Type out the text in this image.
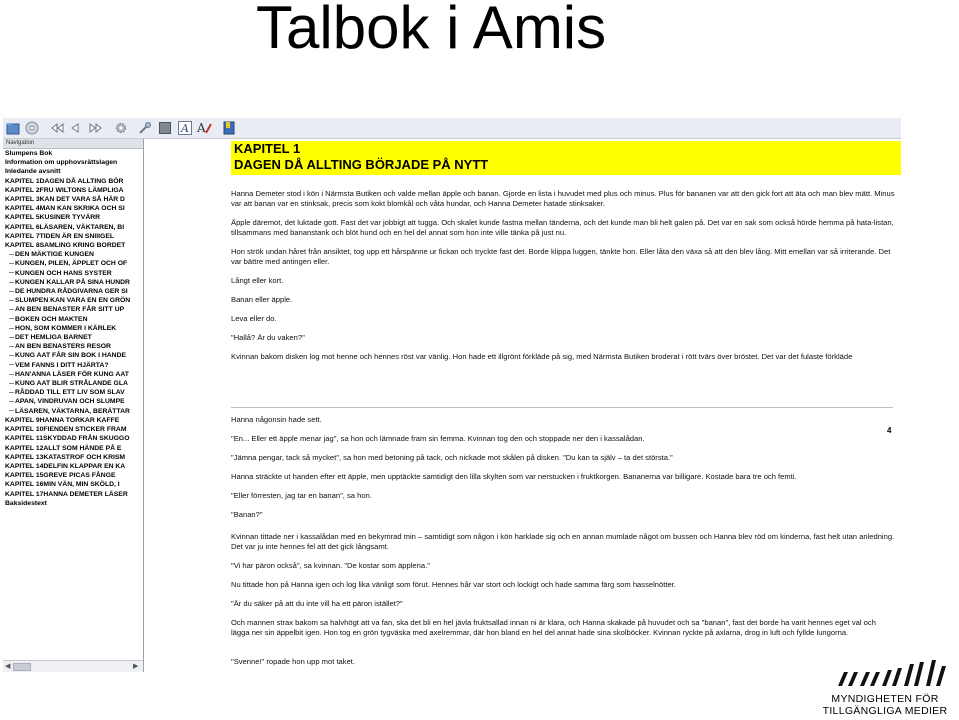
Talbok i Amis
A A
Navigation
Slumpens Bok
Information om upphovsrättslagen
Inledande avsnitt
KAPITEL 1DAGEN DÅ ALLTING BÖR
KAPITEL 2FRU WILTONS LÄMPLIGA
KAPITEL 3KAN DET VARA SÅ HÄR D
KAPITEL 4MAN KAN SKRIKA OCH SI
KAPITEL 5KUSINER TYVÄRR
KAPITEL 6LÄSAREN, VÄKTAREN, BI
KAPITEL 7TIDEN ÄR EN SNIIIGEL
KAPITEL 8SAMLING KRING BORDET
DEN MÄKTIGE KUNGEN
KUNGEN, PILEN, ÄPPLET OCH OF
KUNGEN OCH HANS SYSTER
KUNGEN KALLAR PÅ SINA HUNDR
DE HUNDRA RÅDGIVARNA GER SI
SLUMPEN KAN VARA EN EN GRÖN
AN BEN BENASTER FÅR SITT UP
BOKEN OCH MAKTEN
HON, SOM KOMMER I KÄRLEK
DET HEMLIGA BARNET
AN BEN BENASTERS RESOR
KUNG AAT FÅR SIN BOK I HANDE
VEM FANNS I DITT HJÄRTA?
HAN'ANNA LÄSER FÖR KUNG AAT
KUNG AAT BLIR STRÅLANDE GLA
RÅDDAD TILL ETT LIV SOM SLAV
APAN, VINDRUVAN OCH SLUMPE
LÄSAREN, VÄKTARNA, BERÄTTAR
KAPITEL 9HANNA TORKAR KAFFE
KAPITEL 10FIENDEN STICKER FRAM
KAPITEL 11SKYDDAD FRÅN SKUGGO
KAPITEL 12ALLT SOM HÄNDE PÅ E
KAPITEL 13KATASTROF OCH KRISM
KAPITEL 14DELFIN KLAPPAR EN KA
KAPITEL 15GREVE PICAS FÅNGE
KAPITEL 16MIN VÄN, MIN SKÖLD, I
KAPITEL 17HANNA DEMETER LÄSER
Baksidestext
◀	▶
KAPITEL 1
DAGEN DÅ ALLTING BÖRJADE PÅ NYTT
Hanna Demeter stod i kön i Närmsta Butiken och valde mellan äpple och banan. Gjorde en lista i huvudet med plus och minus. Plus för bananen var att den gick fort att äta och man blev mätt. Minus var att banan var en stinksak, precis som kokt blomkål och våta hundar, och Hanna Demeter hatade stinksaker.
Äpple däremot, det luktade gott. Fast det var jobbigt att tugga. Och skalet kunde fastna mellan tänderna, och det kunde man bli helt galen på. Det var en sak som också hörde hemma på hata-listan, tillsammans med bananstank och blöt hund och en hel del annat som hon inte ville tänka på just nu.
Hon strök undan håret från ansiktet, tog upp ett hårspänne ur fickan och tryckte fast det. Borde klippa luggen, tänkte hon. Eller låta den växa så att den blev lång. Mitt emellan var så irriterande. Det var bättre med antingen eller.
Långt eller kort.
Banan eller äpple.
Leva eller do.
"Hallå? Är du vaken?"
Kvinnan bakom disken log mot henne och hennes röst var vänlig. Hon hade ett illgrönt förkläde på sig, med Närmsta Butiken broderat i rött tvärs över bröstet. Det var det fulaste förkläde
4
Hanna någonsin hade sett.
"En... Eller ett äpple menar jag", sa hon och lämnade fram sin femma. Kvinnan tog den och stoppade ner den i kassalådan.
"Jämna pengar, tack så mycket", sa hon med betoning på tack, och nickade mot skålen på disken. "Du kan ta själv – ta det största."
Hanna sträckte ut handen efter ett äpple, men upptäckte samtidigt den lilla skylten som var nerstucken i fruktkorgen. Bananerna var billigare. Kostade bara tre och femti.
"Eller förresten, jag tar en banan", sa hon.
"Banan?"
Kvinnan tittade ner i kassalådan med en bekymrad min – samtidigt som någon i kön harklade sig och en annan mumlade något om bussen och Hanna blev röd om kinderna, fast helt utan anledning. Det var ju inte hennes fel att det gick långsamt.
"Vi har päron också", sa kvinnan. "De kostar som äpplena."
Nu tittade hon på Hanna igen och log lika vänligt som förut. Hennes hår var stort och lockigt och hade samma färg som hasselnötter.
"Är du säker på att du inte vill ha ett päron istället?"
Och mannen strax bakom sa halvhögt att va fan, ska det bli en hel jävla fruktsallad innan ni är klara, och Hanna skakade på huvudet och sa "banan", fast det borde ha varit hennes eget val och lägga ner sin äppelbit igen. Hon tog en grön tygväska med axelremmar, där hon bland en hel del annat hade sina skolböcker. Kvinnan ryckte på axlarna, drog in luft och fyllde lungorna.
"Svenne!" ropade hon upp mot taket.
MYNDIGHETEN FÖR
TILLGÄNGLIGA MEDIER
